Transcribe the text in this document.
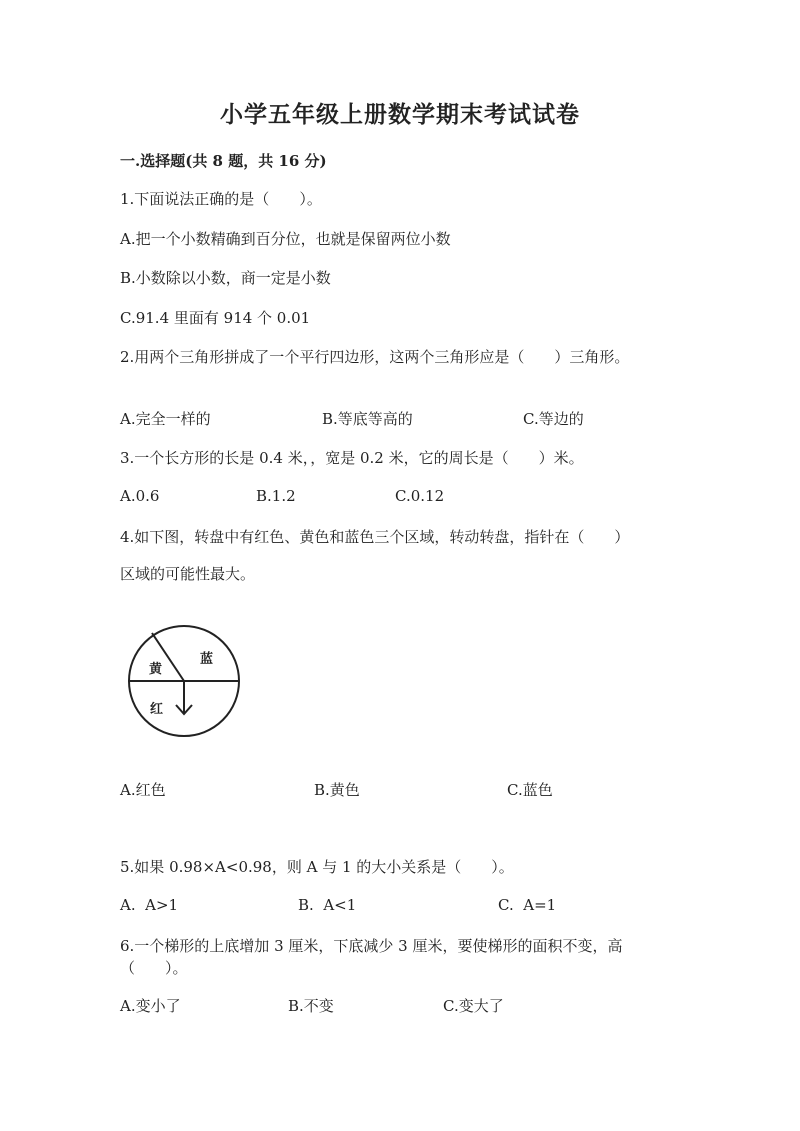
小学五年级上册数学期末考试试卷
一.选择题(共 8 题，共 16 分)
1.下面说法正确的是（　　）。
A.把一个小数精确到百分位，也就是保留两位小数
B.小数除以小数，商一定是小数
C.91.4 里面有 914 个 0.01
2.用两个三角形拼成了一个平行四边形，这两个三角形应是（　　）三角形。
A.完全一样的	B.等底等高的	C.等边的
3.一个长方形的长是 0.4 米，，宽是 0.2 米，它的周长是（　　）米。
A.0.6	B.1.2	C.0.12
4.如下图，转盘中有红色、黄色和蓝色三个区域，转动转盘，指针在（　　）
区域的可能性最大。
黄
蓝
红
A.红色	B.黄色	C.蓝色
5.如果 0.98×A<0.98，则 A 与 1 的大小关系是（　　）。
A.  A>1	B.  A<1	C.  A=1
6.一个梯形的上底增加 3 厘米，下底减少 3 厘米，要使梯形的面积不变，高
（　　）。
A.变小了	B.不变	C.变大了
